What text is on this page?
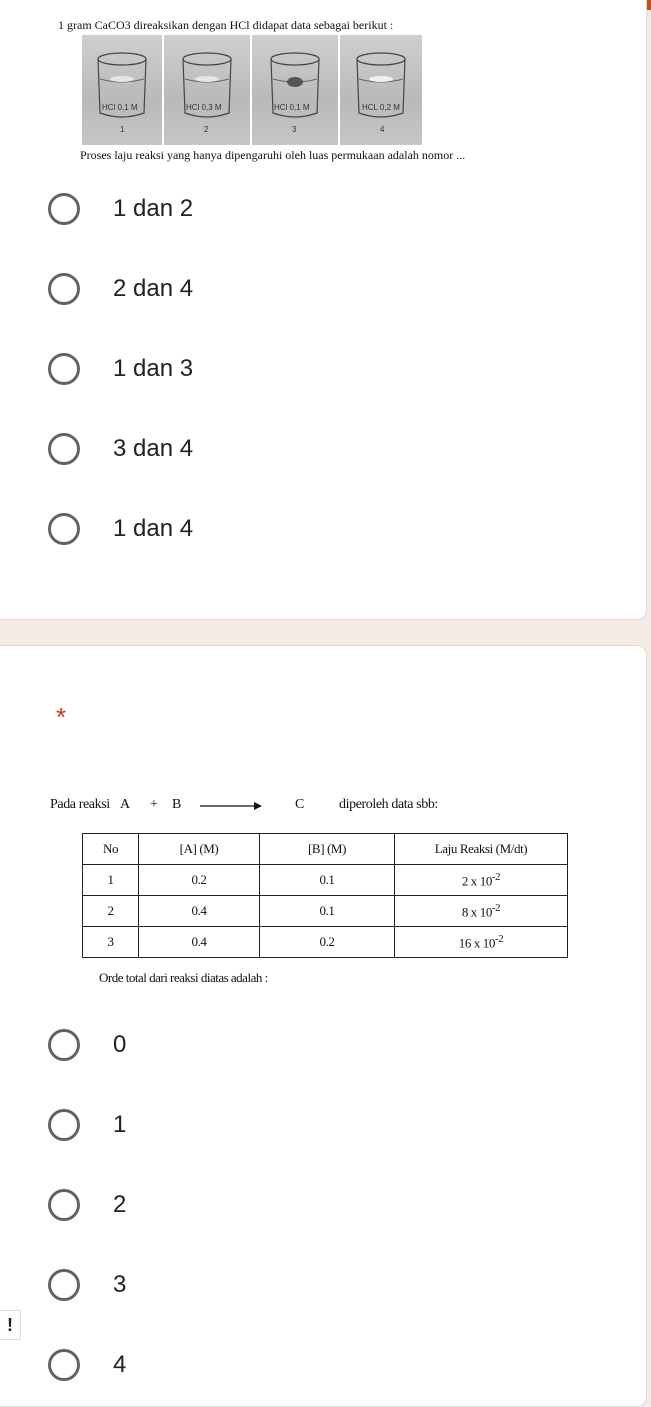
1 gram CaCO3 direaksikan dengan HCl didapat data sebagai berikut :
HCl 0,1 M
1
HCl 0,3 M
2
HCl 0,1 M
3
HCL 0,2 M
4
Proses laju reaksi yang hanya dipengaruhi oleh luas permukaan adalah nomor ...
1 dan 2
2 dan 4
1 dan 3
3 dan 4
1 dan 4
*
Pada reaksi A + B	C	diperoleh data sbb:
No	[A] (M)	[B] (M)	Laju Reaksi (M/dt)
1	0.2	0.1	2 x $10^{-2}$
2	0.4	0.1	8 x $10^{-2}$
3	0.4	0.2	16 x $10^{-2}$
Orde total dari reaksi diatas adalah :
0
1
2
3
4
!
